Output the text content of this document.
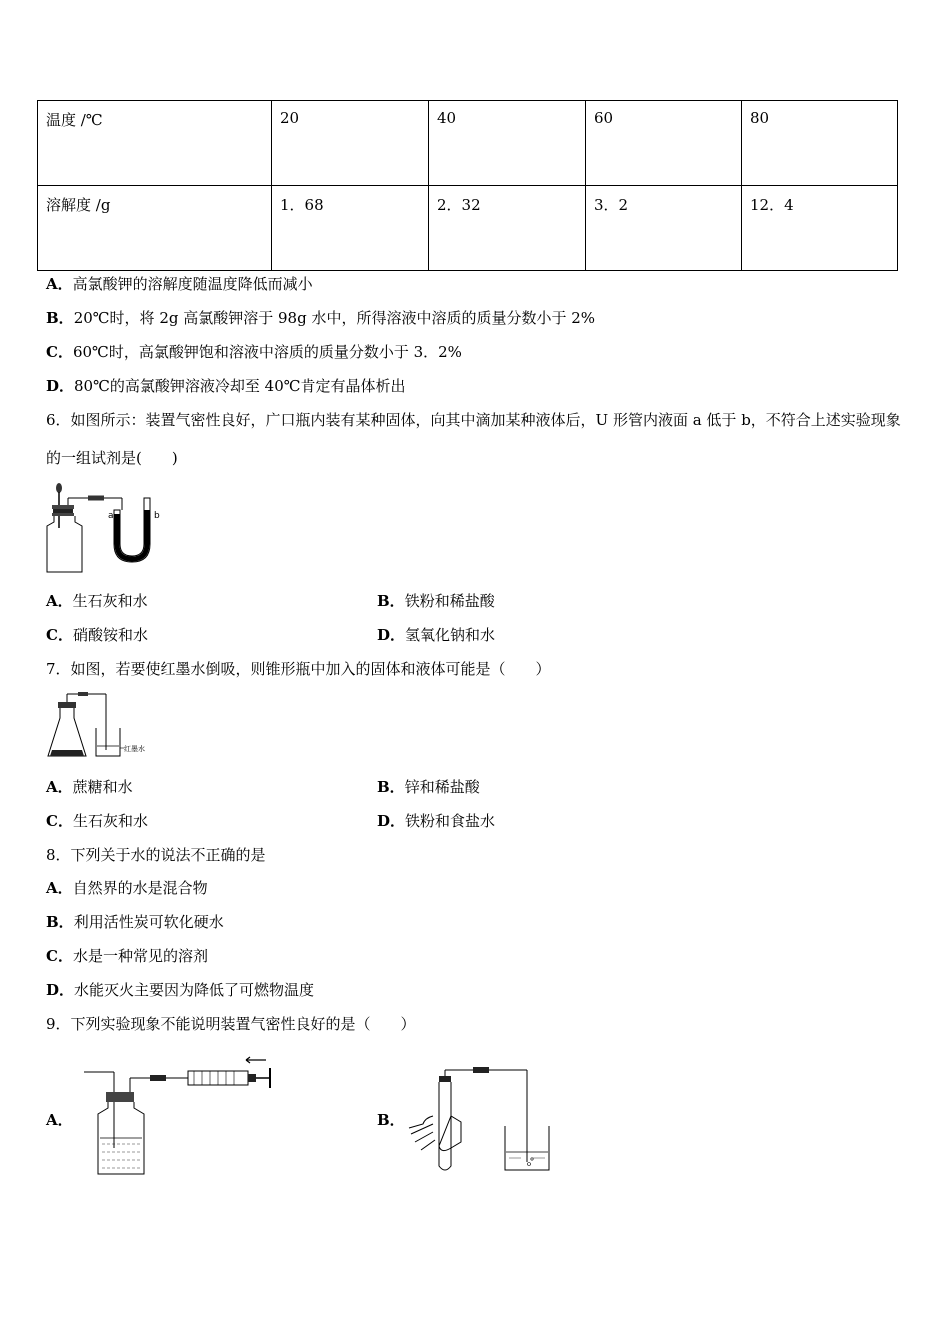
温度 /℃	20	40	60	80
溶解度 /g	1．68	2．32	3．2	12．4
A．高氯酸钾的溶解度随温度降低而减小
B．20℃时，将 2g 高氯酸钾溶于 98g 水中，所得溶液中溶质的质量分数小于 2%
C．60℃时，高氯酸钾饱和溶液中溶质的质量分数小于 3．2%
D．80℃的高氯酸钾溶液冷却至 40℃肯定有晶体析出
6．如图所示：装置气密性良好，广口瓶内装有某种固体，向其中滴加某种液体后，U 形管内液面 a 低于 b，不符合上述实验现象的一组试剂是(　　)
a	b
A．生石灰和水	B．铁粉和稀盐酸
C．硝酸铵和水	D．氢氧化钠和水
7．如图，若要使红墨水倒吸，则锥形瓶中加入的固体和液体可能是（　　）
红墨水
A．蔗糖和水	B．锌和稀盐酸
C．生石灰和水	D．铁粉和食盐水
8．下列关于水的说法不正确的是
A．自然界的水是混合物
B．利用活性炭可软化硬水
C．水是一种常见的溶剂
D．水能灭火主要因为降低了可燃物温度
9．下列实验现象不能说明装置气密性良好的是（　　）
A．	B．
